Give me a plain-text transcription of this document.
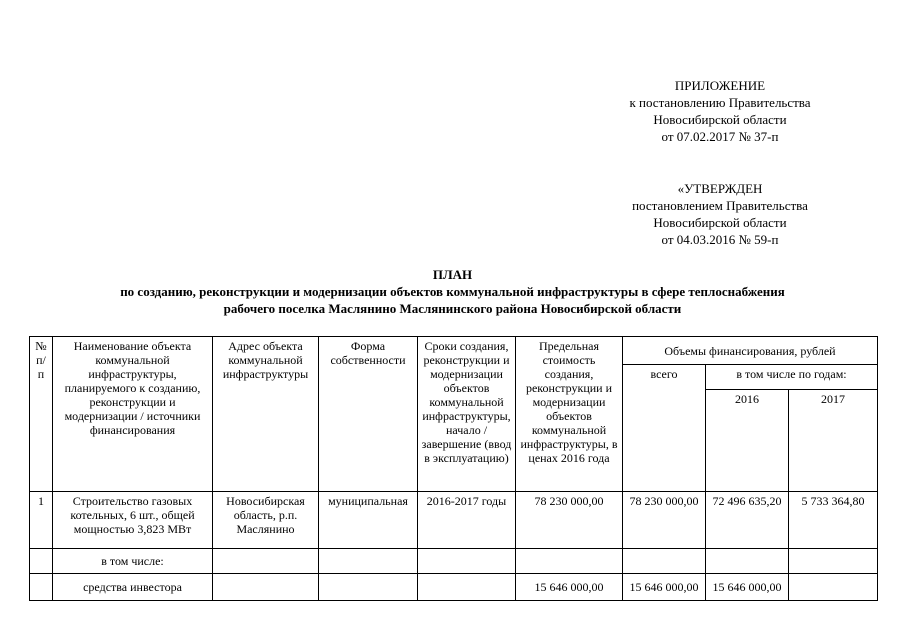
ПРИЛОЖЕНИЕ
к постановлению Правительства
Новосибирской области
от 07.02.2017 № 37-п
«УТВЕРЖДЕН
постановлением Правительства
Новосибирской области
от 04.03.2016 № 59-п
ПЛАН
по созданию, реконструкции и модернизации объектов коммунальной инфраструктуры в сфере теплоснабжения
рабочего поселка Маслянино Маслянинского района Новосибирской области
№ п/п	Наименование объекта коммунальной инфраструктуры, планируемого к созданию, реконструкции и модернизации / источники финансирования	Адрес объекта коммунальной инфраструктуры	Форма собственности	Сроки создания, реконструкции и модернизации объектов коммунальной инфраструктуры, начало / завершение (ввод в эксплуатацию)	Предельная стоимость создания, реконструкции и модернизации объектов коммунальной инфраструктуры, в ценах 2016 года	Объемы финансирования, рублей		
						всего	в том числе по годам:	
							2016	2017
1	Строительство газовых котельных, 6 шт., общей мощностью 3,823 МВт	Новосибирская область, р.п. Маслянино	муниципальная	2016-2017 годы	78 230 000,00	78 230 000,00	72 496 635,20	5 733 364,80
	в том числе:							
	средства инвестора				15 646 000,00	15 646 000,00	15 646 000,00	
